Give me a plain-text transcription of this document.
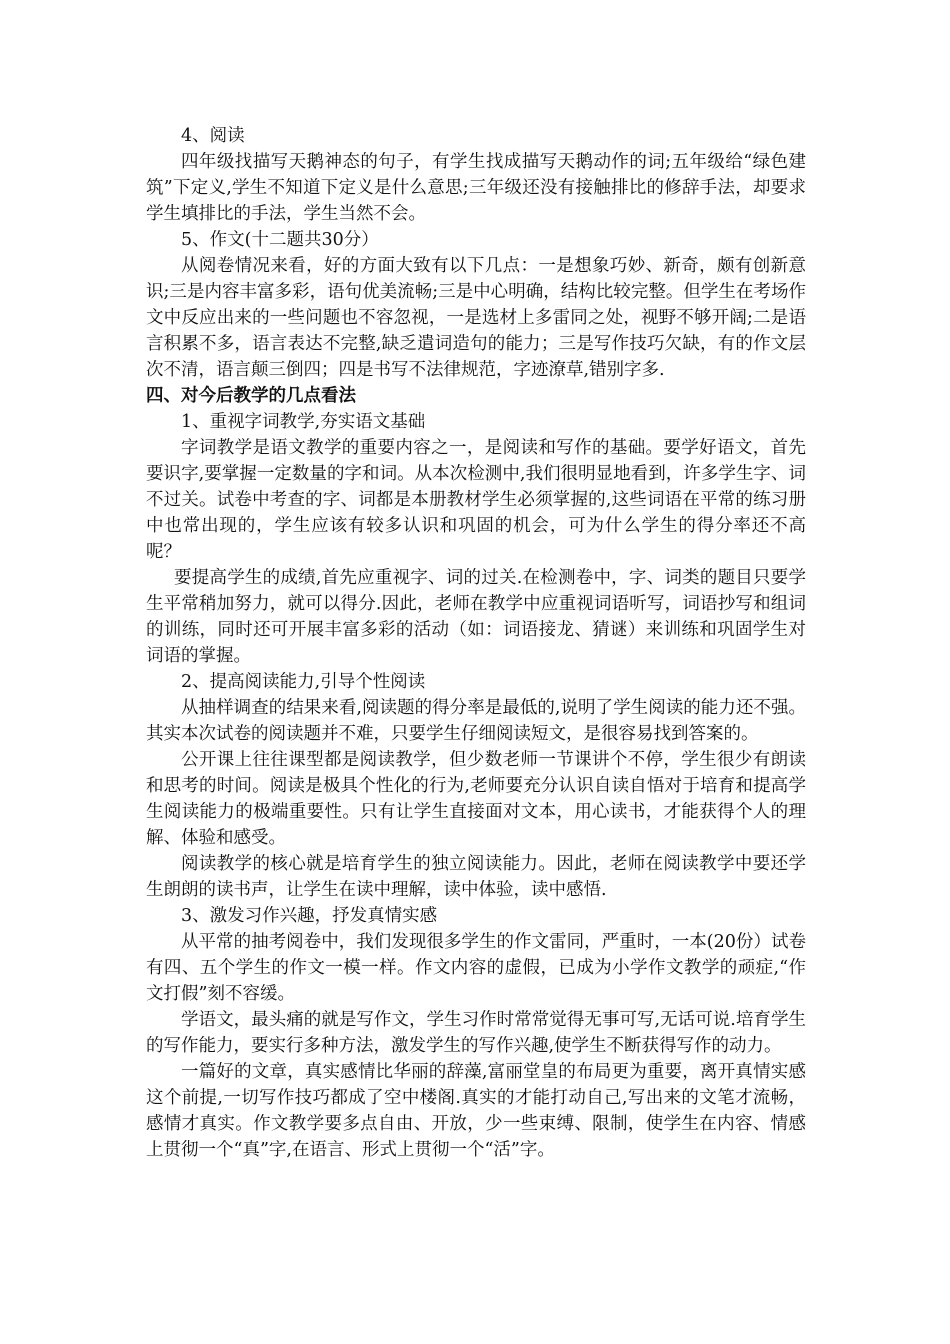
4、阅读

四年级找描写天鹅神态的句子，有学生找成描写天鹅动作的词;五年级给“绿色建筑”下定义,学生不知道下定义是什么意思;三年级还没有接触排比的修辞手法，却要求学生填排比的手法，学生当然不会。

5、作文(十二题共30分）

从阅卷情况来看，好的方面大致有以下几点：一是想象巧妙、新奇，颇有创新意识;三是内容丰富多彩，语句优美流畅;三是中心明确，结构比较完整。但学生在考场作文中反应出来的一些问题也不容忽视，一是选材上多雷同之处，视野不够开阔;二是语言积累不多，语言表达不完整,缺乏遣词造句的能力；三是写作技巧欠缺，有的作文层次不清，语言颠三倒四；四是书写不法律规范，字迹潦草,错别字多.

四、对今后教学的几点看法

1、重视字词教学,夯实语文基础

字词教学是语文教学的重要内容之一，是阅读和写作的基础。要学好语文，首先要识字,要掌握一定数量的字和词。从本次检测中,我们很明显地看到，许多学生字、词不过关。试卷中考查的字、词都是本册教材学生必须掌握的,这些词语在平常的练习册中也常出现的，学生应该有较多认识和巩固的机会，可为什么学生的得分率还不高呢？

要提高学生的成绩,首先应重视字、词的过关.在检测卷中，字、词类的题目只要学生平常稍加努力，就可以得分.因此，老师在教学中应重视词语听写，词语抄写和组词的训练，同时还可开展丰富多彩的活动（如：词语接龙、猜谜）来训练和巩固学生对词语的掌握。

2、提高阅读能力,引导个性阅读

从抽样调查的结果来看,阅读题的得分率是最低的,说明了学生阅读的能力还不强。其实本次试卷的阅读题并不难，只要学生仔细阅读短文，是很容易找到答案的。

公开课上往往课型都是阅读教学，但少数老师一节课讲个不停，学生很少有朗读和思考的时间。阅读是极具个性化的行为,老师要充分认识自读自悟对于培育和提高学生阅读能力的极端重要性。只有让学生直接面对文本，用心读书，才能获得个人的理解、体验和感受。

阅读教学的核心就是培育学生的独立阅读能力。因此，老师在阅读教学中要还学生朗朗的读书声，让学生在读中理解，读中体验，读中感悟.

3、激发习作兴趣，抒发真情实感

从平常的抽考阅卷中，我们发现很多学生的作文雷同，严重时，一本(20份）试卷有四、五个学生的作文一模一样。作文内容的虚假，已成为小学作文教学的顽症,“作文打假”刻不容缓。

学语文，最头痛的就是写作文，学生习作时常常觉得无事可写,无话可说.培育学生的写作能力，要实行多种方法，激发学生的写作兴趣,使学生不断获得写作的动力。

一篇好的文章，真实感情比华丽的辞藻,富丽堂皇的布局更为重要，离开真情实感这个前提,一切写作技巧都成了空中楼阁.真实的才能打动自己,写出来的文笔才流畅，感情才真实。作文教学要多点自由、开放，少一些束缚、限制，使学生在内容、情感上贯彻一个“真”字,在语言、形式上贯彻一个“活”字。
